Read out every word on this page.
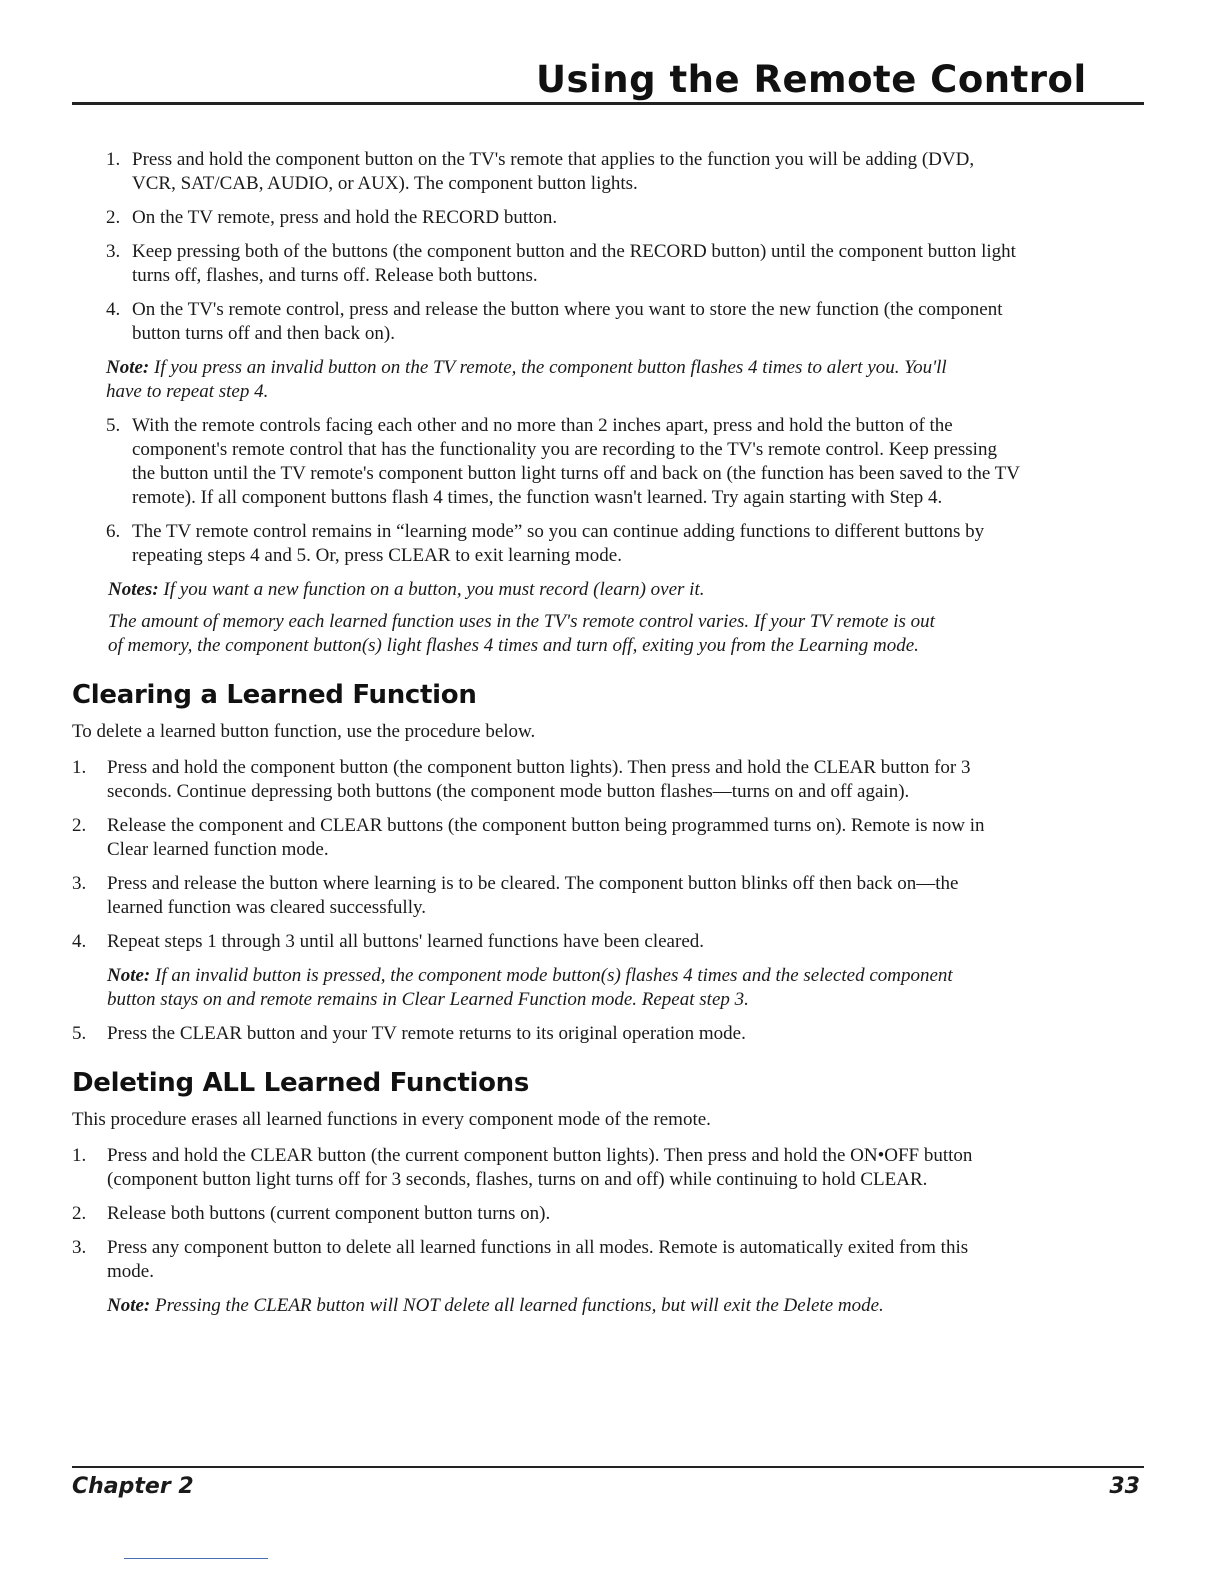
Using the Remote Control
1. Press and hold the component button on the TV's remote that applies to the function you will be adding (DVD, VCR, SAT/CAB, AUDIO, or AUX). The component button lights.
2. On the TV remote, press and hold the RECORD button.
3. Keep pressing both of the buttons (the component button and the RECORD button) until the component button light turns off, flashes, and turns off. Release both buttons.
4. On the TV's remote control, press and release the button where you want to store the new function (the component button turns off and then back on).

Note: If you press an invalid button on the TV remote, the component button flashes 4 times to alert you. You'll have to repeat step 4.

5. With the remote controls facing each other and no more than 2 inches apart, press and hold the button of the component's remote control that has the functionality you are recording to the TV's remote control. Keep pressing the button until the TV remote's component button light turns off and back on (the function has been saved to the TV remote). If all component buttons flash 4 times, the function wasn't learned. Try again starting with Step 4.
6. The TV remote control remains in “learning mode” so you can continue adding functions to different buttons by repeating steps 4 and 5. Or, press CLEAR to exit learning mode.

Notes: If you want a new function on a button, you must record (learn) over it.

The amount of memory each learned function uses in the TV's remote control varies. If your TV remote is out of memory, the component button(s) light flashes 4 times and turn off, exiting you from the Learning mode.

Clearing a Learned Function

To delete a learned button function, use the procedure below.

1.	Press and hold the component button (the component button lights). Then press and hold the CLEAR button for 3 seconds. Continue depressing both buttons (the component mode button flashes—turns on and off again).
2.	Release the component and CLEAR buttons (the component button being programmed turns on). Remote is now in Clear learned function mode.
3.	Press and release the button where learning is to be cleared. The component button blinks off then back on—the learned function was cleared successfully.
4.	Repeat steps 1 through 3 until all buttons' learned functions have been cleared.

Note: If an invalid button is pressed, the component mode button(s) flashes 4 times and the selected component button stays on and remote remains in Clear Learned Function mode. Repeat step 3.

5.	Press the CLEAR button and your TV remote returns to its original operation mode.
Deleting ALL Learned Functions

This procedure erases all learned functions in every component mode of the remote.

1.	Press and hold the CLEAR button (the current component button lights). Then press and hold the ON•OFF button (component button light turns off for 3 seconds, flashes, turns on and off) while continuing to hold CLEAR.
2.	Release both buttons (current component button turns on).
3.	Press any component button to delete all learned functions in all modes. Remote is automatically exited from this mode.

Note: Pressing the CLEAR button will NOT delete all learned functions, but will exit the Delete mode.

Chapter 2	33
